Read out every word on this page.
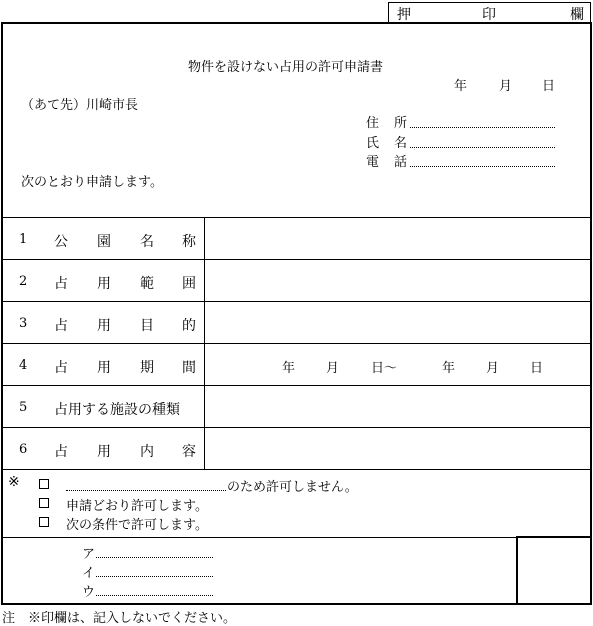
押	印	欄
物件を設けない占用の許可申請書
年 月 日
（あて先）川崎市長
住 所
氏 名
電 話
次のとおり申請します。
1 公 園 名 称
2 占 用 範 囲
3 占 用 目 的
4 占 用 期 間	年 月 日～	年 月 日
5 占用する施設の種類
6 占 用 内 容
※	のため許可しません。
申請どおり許可します。
次の条件で許可します。
ア
イ
ウ
注　※印欄は、記入しないでください。
